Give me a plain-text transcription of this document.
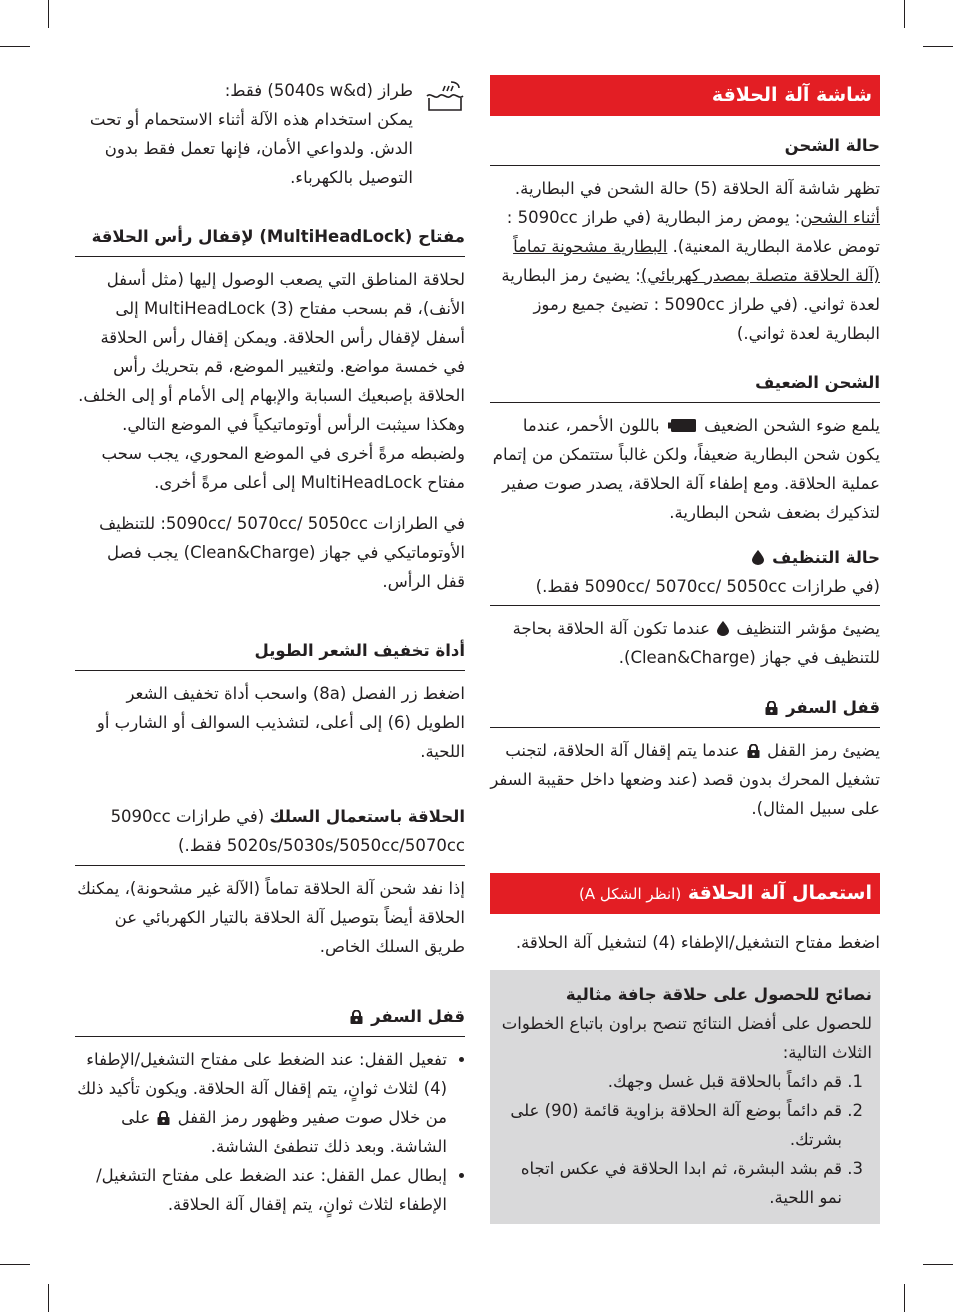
شاشة آلة الحلاقة

حالة الشحن

تظهر شاشة آلة الحلاقة (5) حالة الشحن في البطارية. أثناء الشحن: يومض رمز البطارية (في طراز 5090cc : تومض علامة البطارية المعنية). البطارية مشحونة تماماً (آلة الحلاقة متصلة بمصدر كهربائي): يضيئ رمز البطارية لعدة ثواني. (في طراز 5090cc : تضيئ جميع رموز البطارية لعدة ثواني.)

الشحن الضعيف

يلمع ضوء الشحن الضعيف  باللون الأحمر، عندما يكون شحن البطارية ضعيفاً، ولكن غالباً ستتمكن من إتمام عملية الحلاقة. ومع إطفاء آلة الحلاقة، يصدر صوت صفير لتذكيرك بضعف شحن البطارية.

حالة التنظيف

(في طرازات 5090cc/ 5070cc/ 5050cc فقط.)

يضيئ مؤشر التنظيف  عندما تكون آلة الحلاقة بحاجة للتنظيف في جهاز (Clean&Charge).

قفل السفر

يضيئ رمز القفل  عندما يتم إقفال آلة الحلاقة، لتجنب تشغيل المحرك بدون قصد (عند وضعها داخل حقيبة السفر على سبيل المثال).

استعمال آلة الحلاقة (انظر الشكل A)

اضغط مفتاح التشغيل/الإطفاء (4) لتشغيل آلة الحلاقة.

نصائح للحصول على حلاقة جافة مثالية

للحصول على أفضل النتائج تنصح براون باتباع الخطوات الثلاث التالية:

1. قم دائماً بالحلاقة قبل غسل وجهك.
2. قم دائماً بوضع آلة الحلاقة بزاوية قائمة (90) على بشرتك.
3. قم بشد البشرة، ثم ابدا الحلاقة في عكس اتجاه نمو اللحية.

طراز (5040s w&d) فقط:

يمكن استخدام هذه الآلة أثناء الاستحمام أو تحت الدش. ولدواعي الأمان، فإنها تعمل فقط بدون التوصيل بالكهرباء.

مفتاح (MultiHeadLock) لإقفال رأس الحلاقة

لحلاقة المناطق التي يصعب الوصول إليها (مثل أسفل الأنف)، قم بسحب مفتاح (3) MultiHeadLock إلى أسفل لإقفال رأس الحلاقة. ويمكن إقفال رأس الحلاقة في خمسة مواضع. ولتغيير الموضع، قم بتحريك رأس الحلاقة بإصبعيك السبابة والإبهام إلى الأمام أو إلى الخلف. وهكذا سيثبت الرأس أوتوماتيكياً في الموضع التالي. ولضبطه مرةً أخرى في الموضع المحوري، يجب سحب مفتاح MultiHeadLock إلى أعلى مرةً أخرى.

في الطرازات 5090cc/ 5070cc/ 5050cc: للتنظيف الأوتوماتيكي في جهاز (Clean&Charge) يجب فصل قفل الرأس.

أداة تخفيف الشعر الطويل

اضغط زر الفصل (8a) واسحب أداة تخفيف الشعر الطويل (6) إلى أعلى، لتشذيب السوالف أو الشارب أو اللحية.

الحلاقة باستعمال السلك (في طرازات 5090cc 5020s/5030s/5050cc/5070cc فقط.)

إذا نفد شحن آلة الحلاقة تماماً (الآلة غير مشحونة)، يمكنك الحلاقة أيضاً بتوصيل آلة الحلاقة بالتيار الكهربائي عن طريق السلك الخاص.

قفل السفر

• تفعيل القفل: عند الضغط على مفتاح التشغيل/الإطفاء (4) لثلاث ثوانٍ، يتم إقفال آلة الحلاقة. ويكون تأكيد ذلك من خلال صوت صفير وظهور رمز القفل  على الشاشة. وبعد ذلك تنطفئ الشاشة.
• إبطال عمل القفل: عند الضغط على مفتاح التشغيل/الإطفاء لثلاث ثوانٍ، يتم إقفال آلة الحلاقة.
